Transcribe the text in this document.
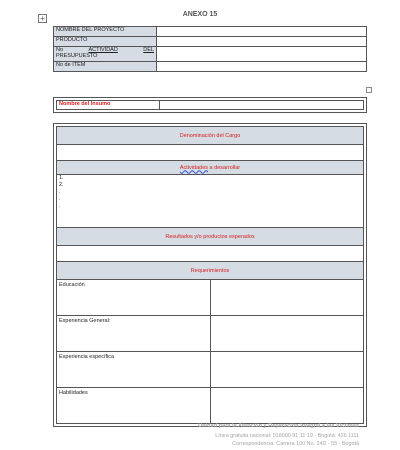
ANEXO 15
+
NOMBRE DEL PROYECTO	
PRODUCTO	

No ACTIVIDAD DEL
PRESUPUESTO	

No de ITEM	
Nombre del Insumo	
Denominación del Cargo	

Actividades a desarrollar	

1.
2.
.
.
.	

Resultados y/o productos esperados	

Requerimientos	
Educación	
Experiencia General:	
Experiencia específica	
Habilidades	
Unidad para la Atención y Reparación Integral a las Víctimas
Línea gratuita nacional: 018000 91 11 19 · Bogotá: 426 1111
Correspondencia: Carrera 100 No. 24D - 55 · Bogotá
